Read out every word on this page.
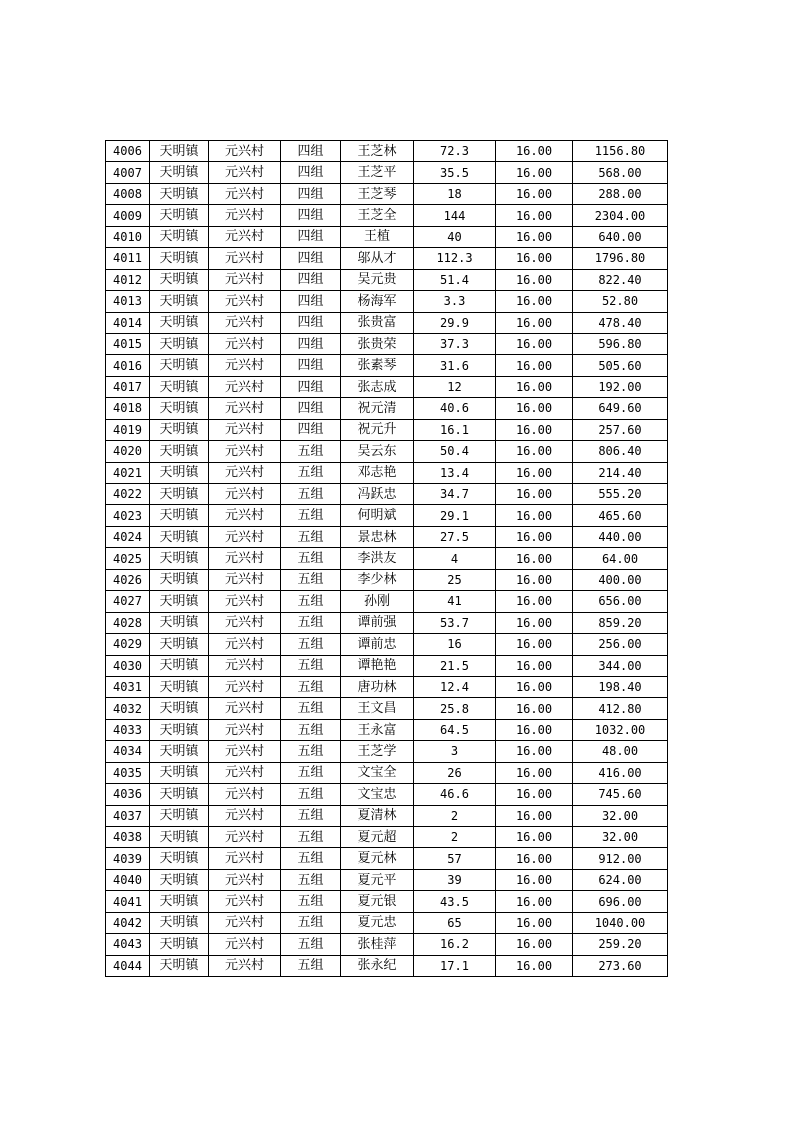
4006	天明镇	元兴村	四组	王芝林	72.3	16.00	1156.80
4007	天明镇	元兴村	四组	王芝平	35.5	16.00	568.00
4008	天明镇	元兴村	四组	王芝琴	18	16.00	288.00
4009	天明镇	元兴村	四组	王芝全	144	16.00	2304.00
4010	天明镇	元兴村	四组	王植	40	16.00	640.00
4011	天明镇	元兴村	四组	邬从才	112.3	16.00	1796.80
4012	天明镇	元兴村	四组	吴元贵	51.4	16.00	822.40
4013	天明镇	元兴村	四组	杨海军	3.3	16.00	52.80
4014	天明镇	元兴村	四组	张贵富	29.9	16.00	478.40
4015	天明镇	元兴村	四组	张贵荣	37.3	16.00	596.80
4016	天明镇	元兴村	四组	张素琴	31.6	16.00	505.60
4017	天明镇	元兴村	四组	张志成	12	16.00	192.00
4018	天明镇	元兴村	四组	祝元清	40.6	16.00	649.60
4019	天明镇	元兴村	四组	祝元升	16.1	16.00	257.60
4020	天明镇	元兴村	五组	吴云东	50.4	16.00	806.40
4021	天明镇	元兴村	五组	邓志艳	13.4	16.00	214.40
4022	天明镇	元兴村	五组	冯跃忠	34.7	16.00	555.20
4023	天明镇	元兴村	五组	何明斌	29.1	16.00	465.60
4024	天明镇	元兴村	五组	景忠林	27.5	16.00	440.00
4025	天明镇	元兴村	五组	李洪友	4	16.00	64.00
4026	天明镇	元兴村	五组	李少林	25	16.00	400.00
4027	天明镇	元兴村	五组	孙刚	41	16.00	656.00
4028	天明镇	元兴村	五组	谭前强	53.7	16.00	859.20
4029	天明镇	元兴村	五组	谭前忠	16	16.00	256.00
4030	天明镇	元兴村	五组	谭艳艳	21.5	16.00	344.00
4031	天明镇	元兴村	五组	唐功林	12.4	16.00	198.40
4032	天明镇	元兴村	五组	王文昌	25.8	16.00	412.80
4033	天明镇	元兴村	五组	王永富	64.5	16.00	1032.00
4034	天明镇	元兴村	五组	王芝学	3	16.00	48.00
4035	天明镇	元兴村	五组	文宝全	26	16.00	416.00
4036	天明镇	元兴村	五组	文宝忠	46.6	16.00	745.60
4037	天明镇	元兴村	五组	夏清林	2	16.00	32.00
4038	天明镇	元兴村	五组	夏元超	2	16.00	32.00
4039	天明镇	元兴村	五组	夏元林	57	16.00	912.00
4040	天明镇	元兴村	五组	夏元平	39	16.00	624.00
4041	天明镇	元兴村	五组	夏元银	43.5	16.00	696.00
4042	天明镇	元兴村	五组	夏元忠	65	16.00	1040.00
4043	天明镇	元兴村	五组	张桂萍	16.2	16.00	259.20
4044	天明镇	元兴村	五组	张永纪	17.1	16.00	273.60
